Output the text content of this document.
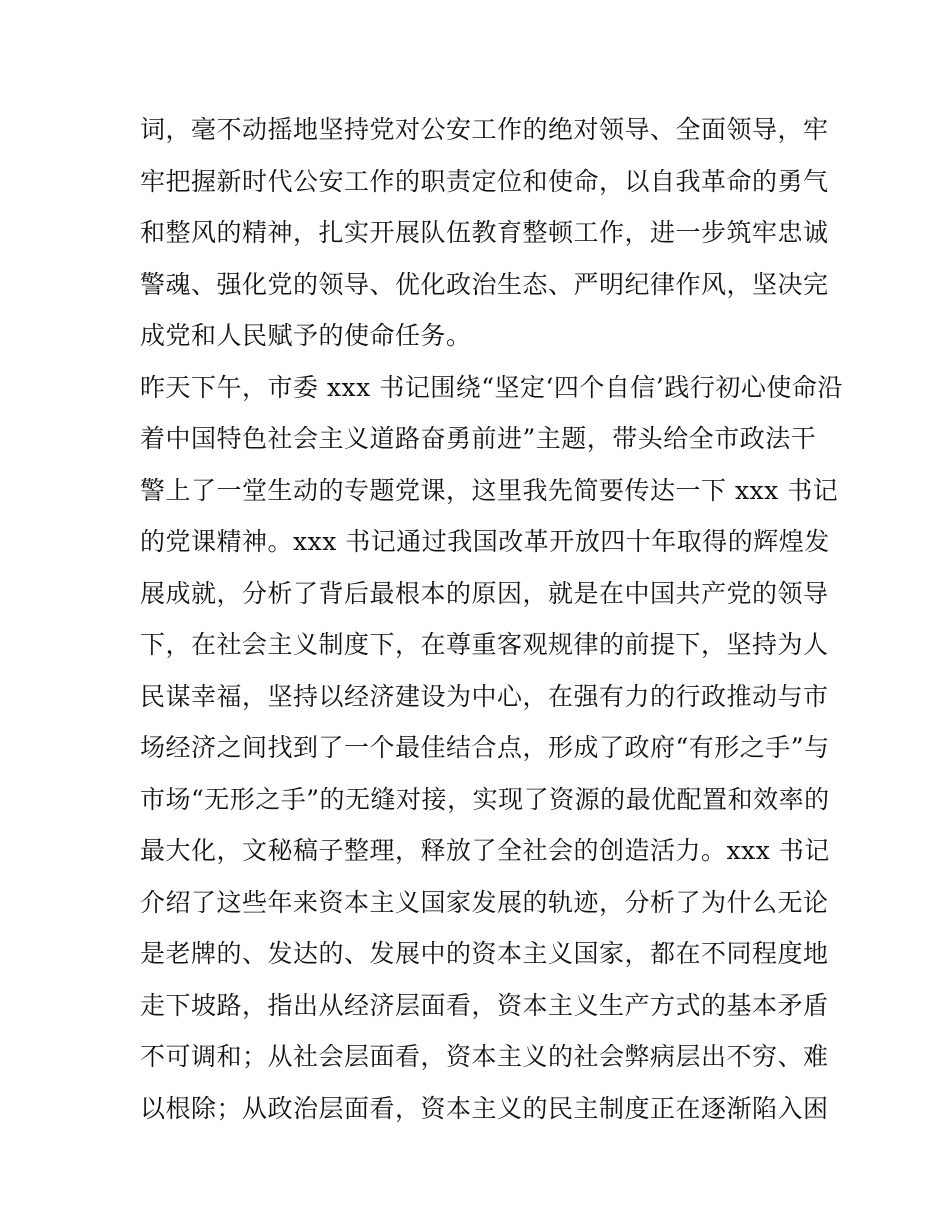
词，毫不动摇地坚持党对公安工作的绝对领导、全面领导，牢
牢把握新时代公安工作的职责定位和使命，以自我革命的勇气
和整风的精神，扎实开展队伍教育整顿工作，进一步筑牢忠诚
警魂、强化党的领导、优化政治生态、严明纪律作风，坚决完
成党和人民赋予的使命任务。
昨天下午，市委 xxx 书记围绕“坚定‘四个自信’践行初心使命沿
着中国特色社会主义道路奋勇前进”主题，带头给全市政法干
警上了一堂生动的专题党课，这里我先简要传达一下 xxx 书记
的党课精神。xxx 书记通过我国改革开放四十年取得的辉煌发
展成就，分析了背后最根本的原因，就是在中国共产党的领导
下，在社会主义制度下，在尊重客观规律的前提下，坚持为人
民谋幸福，坚持以经济建设为中心，在强有力的行政推动与市
场经济之间找到了一个最佳结合点，形成了政府“有形之手”与
市场“无形之手”的无缝对接，实现了资源的最优配置和效率的
最大化，文秘稿子整理，释放了全社会的创造活力。xxx 书记
介绍了这些年来资本主义国家发展的轨迹，分析了为什么无论
是老牌的、发达的、发展中的资本主义国家，都在不同程度地
走下坡路，指出从经济层面看，资本主义生产方式的基本矛盾
不可调和；从社会层面看，资本主义的社会弊病层出不穷、难
以根除；从政治层面看，资本主义的民主制度正在逐渐陷入困
